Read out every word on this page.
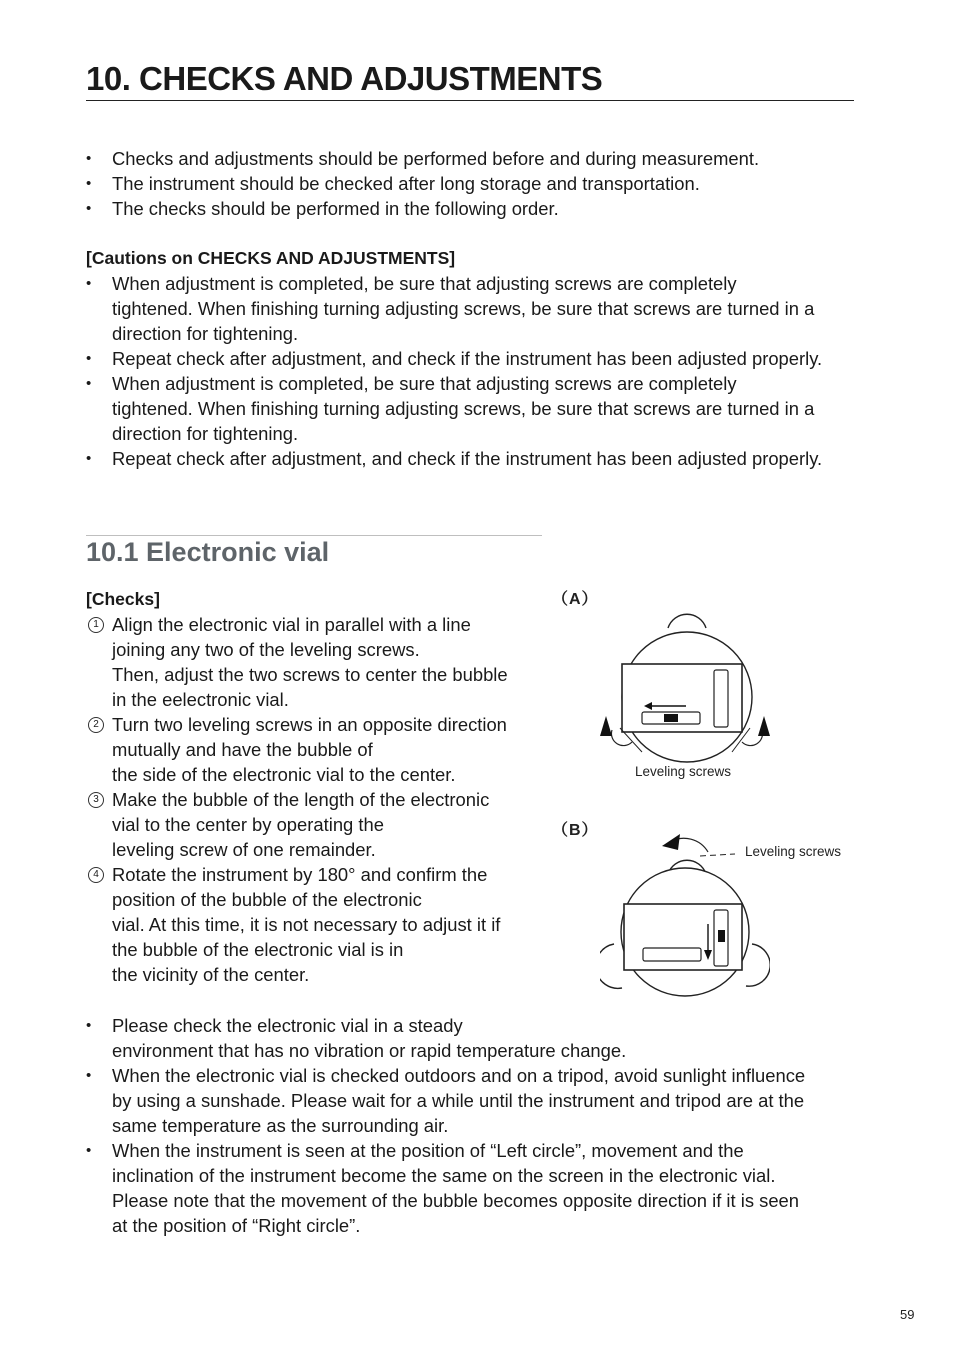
10. CHECKS AND ADJUSTMENTS
• Checks and adjustments should be performed before and during measurement.
• The instrument should be checked after long storage and transportation.
• The checks should be performed in the following order.

[Cautions on CHECKS AND ADJUSTMENTS]

• When adjustment is completed, be sure that adjusting screws are completely
tightened. When finishing turning adjusting screws, be sure that screws are turned in a
direction for tightening.
• Repeat check after adjustment, and check if the instrument has been adjusted properly.
• When adjustment is completed, be sure that adjusting screws are completely
tightened. When finishing turning adjusting screws, be sure that screws are turned in a
direction for tightening.
• Repeat check after adjustment, and check if the instrument has been adjusted properly.
10.1 Electronic vial

[Checks]

1 Align the electronic vial in parallel with a line
joining any two of the leveling screws.
Then, adjust the two screws to center the bubble
in the eelectronic vial.
2 Turn two leveling screws in an opposite direction
mutually and have the bubble of
the side of the electronic vial to the center.
3 Make the bubble of the length of the electronic
vial to the center by operating the
leveling screw of one remainder.
4 Rotate the instrument by 180° and confirm the
position of the bubble of the electronic
vial. At this time, it is not necessary to adjust it if
the bubble of the electronic vial is in
the vicinity of the center.
（A）
Leveling screws
（B）
Leveling screws
• Please check the electronic vial in a steady
environment that has no vibration or rapid temperature change.
• When the electronic vial is checked outdoors and on a tripod, avoid sunlight influence
by using a sunshade. Please wait for a while until the instrument and tripod are at the
same temperature as the surrounding air.
• When the instrument is seen at the position of “Left circle”, movement and the
inclination of the instrument become the same on the screen in the electronic vial.
Please note that the movement of the bubble becomes opposite direction if it is seen
at the position of “Right circle”.
59
